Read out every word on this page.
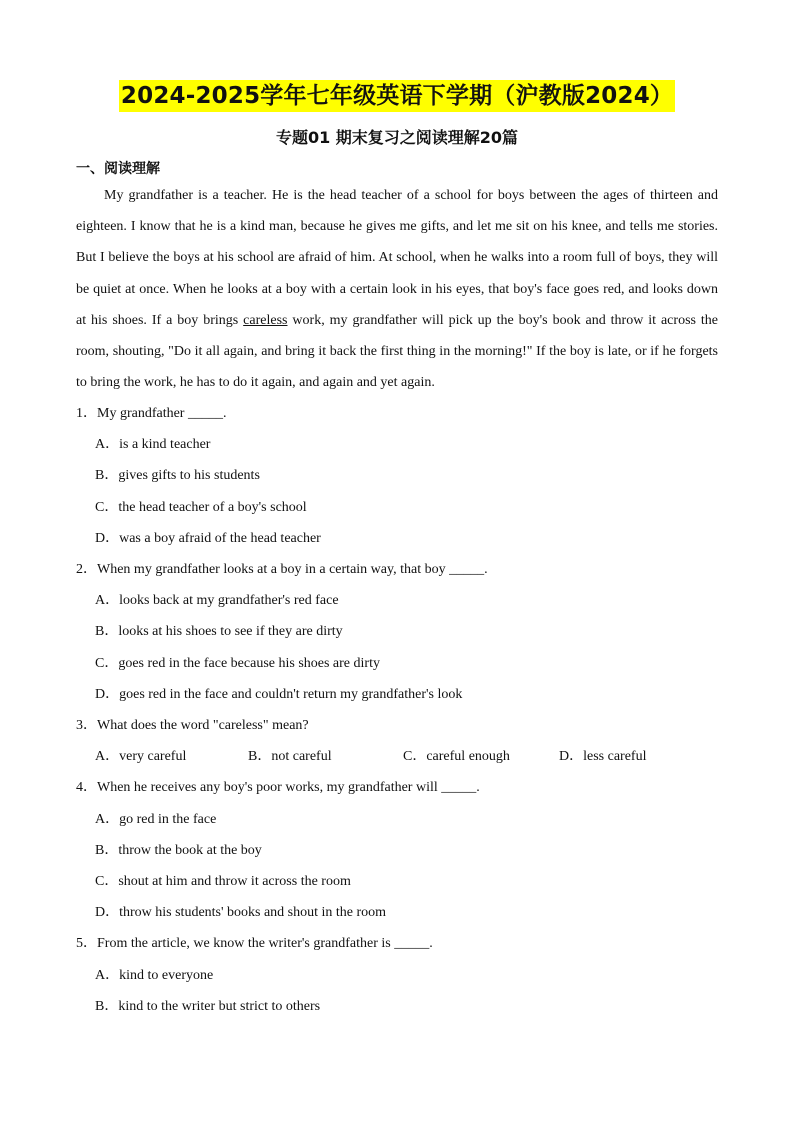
2024-2025学年七年级英语下学期（沪教版2024）
专题01 期末复习之阅读理解20篇
一、阅读理解

My grandfather is a teacher. He is the head teacher of a school for boys between the ages of thirteen and eighteen. I know that he is a kind man, because he gives me gifts, and let me sit on his knee, and tells me stories. But I believe the boys at his school are afraid of him. At school, when he walks into a room full of boys, they will be quiet at once. When he looks at a boy with a certain look in his eyes, that boy's face goes red, and looks down at his shoes. If a boy brings careless work, my grandfather will pick up the boy's book and throw it across the room, shouting, "Do it all again, and bring it back the first thing in the morning!" If the boy is late, or if he forgets to bring the work, he has to do it again, and again and yet again.

1．My grandfather _____.
A．is a kind teacher
B．gives gifts to his students
C．the head teacher of a boy's school
D．was a boy afraid of the head teacher
2．When my grandfather looks at a boy in a certain way, that boy _____.
A．looks back at my grandfather's red face
B．looks at his shoes to see if they are dirty
C．goes red in the face because his shoes are dirty
D．goes red in the face and couldn't return my grandfather's look
3．What does the word "careless" mean?
A．very careful	B．not careful	C．careful enough	D．less careful
4．When he receives any boy's poor works, my grandfather will _____.
A．go red in the face
B．throw the book at the boy
C．shout at him and throw it across the room
D．throw his students' books and shout in the room
5．From the article, we know the writer's grandfather is _____.
A．kind to everyone
B．kind to the writer but strict to others
